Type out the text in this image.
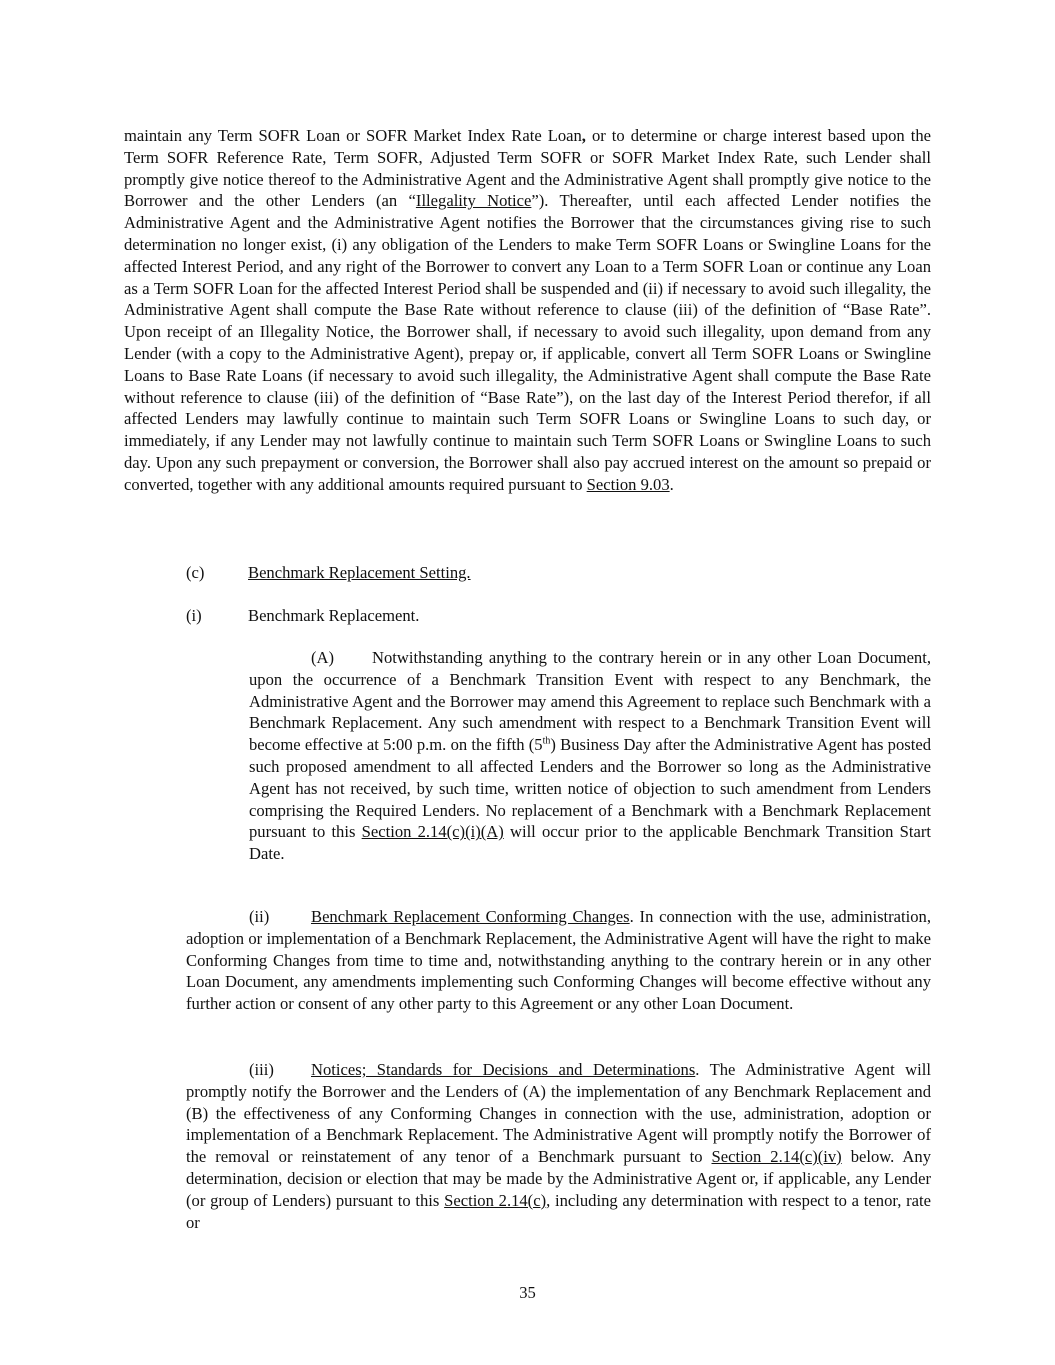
maintain any Term SOFR Loan or SOFR Market Index Rate Loan, or to determine or charge interest based upon the Term SOFR Reference Rate, Term SOFR, Adjusted Term SOFR or SOFR Market Index Rate, such Lender shall promptly give notice thereof to the Administrative Agent and the Administrative Agent shall promptly give notice to the Borrower and the other Lenders (an “Illegality Notice”). Thereafter, until each affected Lender notifies the Administrative Agent and the Administrative Agent notifies the Borrower that the circumstances giving rise to such determination no longer exist, (i) any obligation of the Lenders to make Term SOFR Loans or Swingline Loans for the affected Interest Period, and any right of the Borrower to convert any Loan to a Term SOFR Loan or continue any Loan as a Term SOFR Loan for the affected Interest Period shall be suspended and (ii) if necessary to avoid such illegality, the Administrative Agent shall compute the Base Rate without reference to clause (iii) of the definition of “Base Rate”. Upon receipt of an Illegality Notice, the Borrower shall, if necessary to avoid such illegality, upon demand from any Lender (with a copy to the Administrative Agent), prepay or, if applicable, convert all Term SOFR Loans or Swingline Loans to Base Rate Loans (if necessary to avoid such illegality, the Administrative Agent shall compute the Base Rate without reference to clause (iii) of the definition of “Base Rate”), on the last day of the Interest Period therefor, if all affected Lenders may lawfully continue to maintain such Term SOFR Loans or Swingline Loans to such day, or immediately, if any Lender may not lawfully continue to maintain such Term SOFR Loans or Swingline Loans to such day. Upon any such prepayment or conversion, the Borrower shall also pay accrued interest on the amount so prepaid or converted, together with any additional amounts required pursuant to Section 9.03.

(c)	Benchmark Replacement Setting.

(i)	Benchmark Replacement.

(A) Notwithstanding anything to the contrary herein or in any other Loan Document, upon the occurrence of a Benchmark Transition Event with respect to any Benchmark, the Administrative Agent and the Borrower may amend this Agreement to replace such Benchmark with a Benchmark Replacement. Any such amendment with respect to a Benchmark Transition Event will become effective at 5:00 p.m. on the fifth (5th) Business Day after the Administrative Agent has posted such proposed amendment to all affected Lenders and the Borrower so long as the Administrative Agent has not received, by such time, written notice of objection to such amendment from Lenders comprising the Required Lenders. No replacement of a Benchmark with a Benchmark Replacement pursuant to this Section 2.14(c)(i)(A) will occur prior to the applicable Benchmark Transition Start Date.

(ii)	Benchmark Replacement Conforming Changes. In connection with the use, administration, adoption or implementation of a Benchmark Replacement, the Administrative Agent will have the right to make Conforming Changes from time to time and, notwithstanding anything to the contrary herein or in any other Loan Document, any amendments implementing such Conforming Changes will become effective without any further action or consent of any other party to this Agreement or any other Loan Document.

(iii) Notices; Standards for Decisions and Determinations. The Administrative Agent will promptly notify the Borrower and the Lenders of (A) the implementation of any Benchmark Replacement and (B) the effectiveness of any Conforming Changes in connection with the use, administration, adoption or implementation of a Benchmark Replacement. The Administrative Agent will promptly notify the Borrower of the removal or reinstatement of any tenor of a Benchmark pursuant to Section 2.14(c)(iv) below. Any determination, decision or election that may be made by the Administrative Agent or, if applicable, any Lender (or group of Lenders) pursuant to this Section 2.14(c), including any determination with respect to a tenor, rate or

35
